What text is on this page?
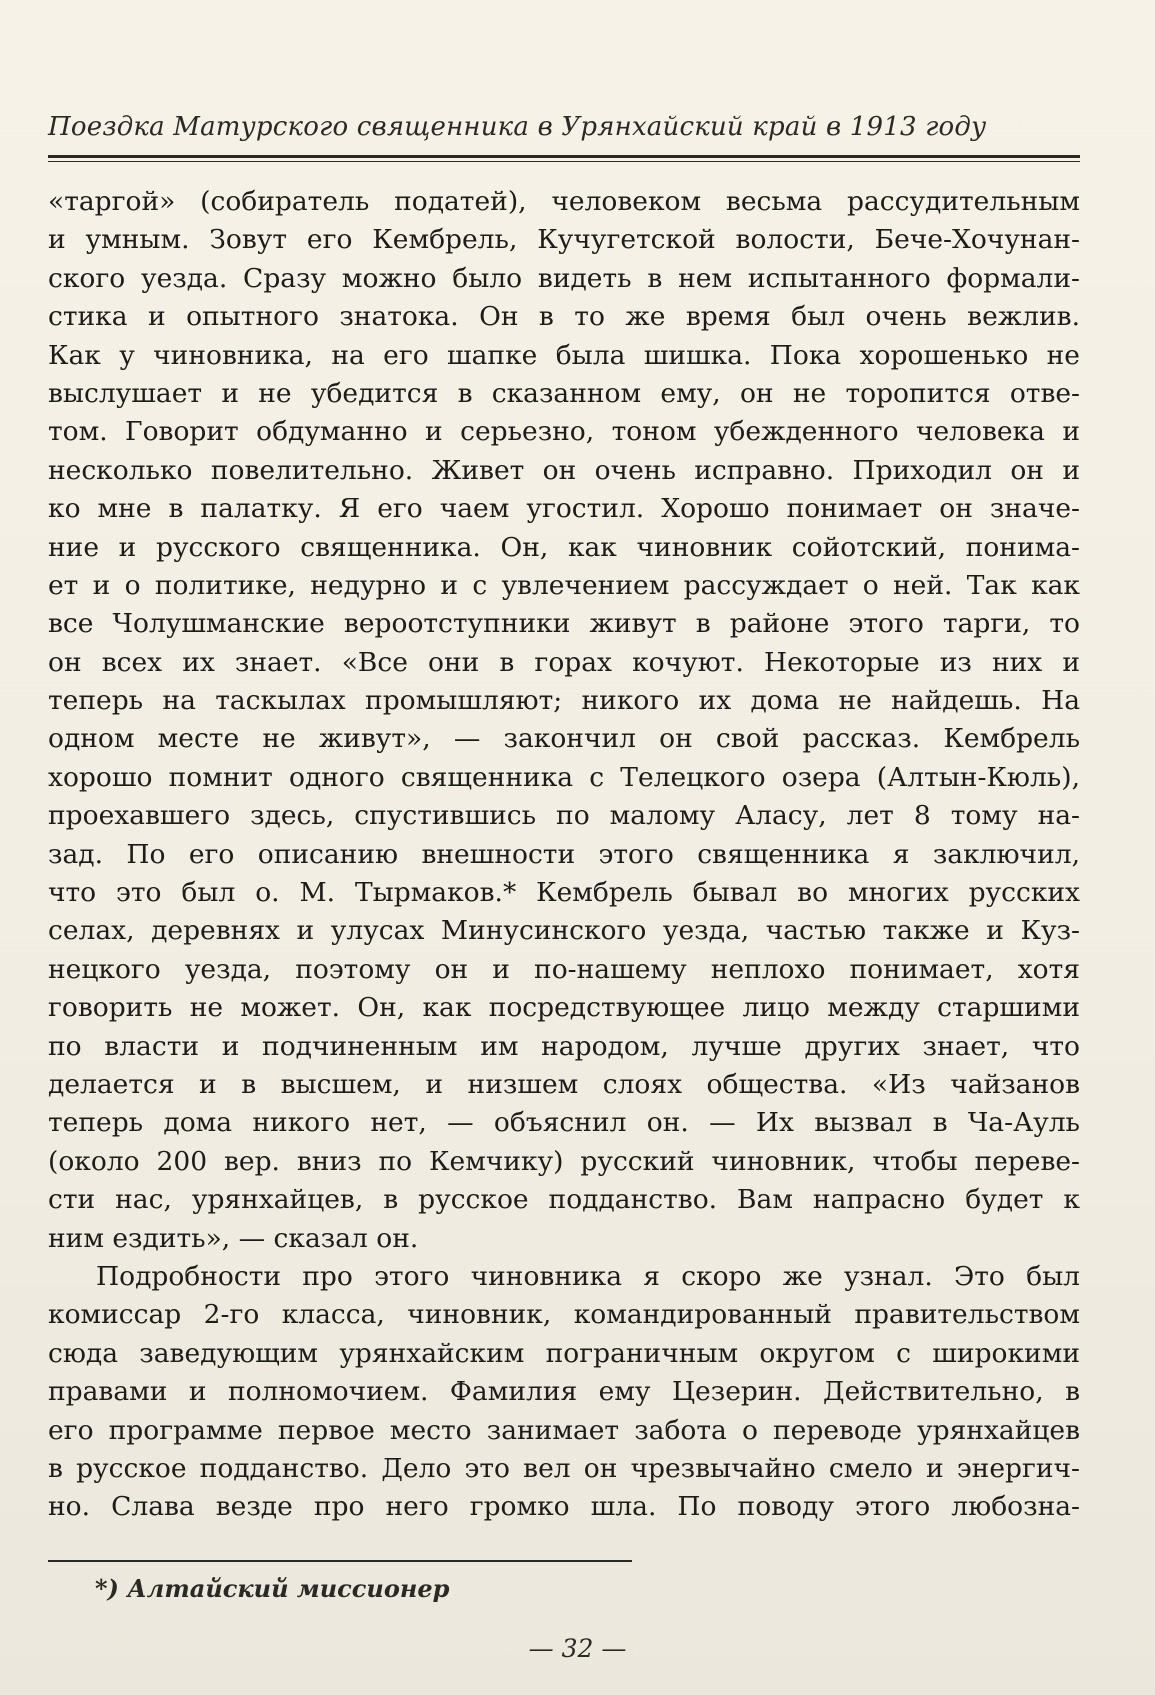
Поездка Матурского священника в Урянхайский край в 1913 году
«таргой» (собиратель податей), человеком весьма рассудительным
и умным. Зовут его Кембрель, Кучугетской волости, Бече-Хочунан-
ского уезда. Сразу можно было видеть в нем испытанного формали-
стика и опытного знатока. Он в то же время был очень вежлив.
Как у чиновника, на его шапке была шишка. Пока хорошенько не
выслушает и не убедится в сказанном ему, он не торопится отве-
том. Говорит обдуманно и серьезно, тоном убежденного человека и
несколько повелительно. Живет он очень исправно. Приходил он и
ко мне в палатку. Я его чаем угостил. Хорошо понимает он значе-
ние и русского священника. Он, как чиновник сойотский, понима-
ет и о политике, недурно и с увлечением рассуждает о ней. Так как
все Чолушманские вероотступники живут в районе этого тарги, то
он всех их знает. «Все они в горах кочуют. Некоторые из них и
теперь на таскылах промышляют; никого их дома не найдешь. На
одном месте не живут», — закончил он свой рассказ. Кембрель
хорошо помнит одного священника с Телецкого озера (Алтын-Кюль),
проехавшего здесь, спустившись по малому Аласу, лет 8 тому на-
зад. По его описанию внешности этого священника я заключил,
что это был о. М. Тырмаков.* Кембрель бывал во многих русских
селах, деревнях и улусах Минусинского уезда, частью также и Куз-
нецкого уезда, поэтому он и по-нашему неплохо понимает, хотя
говорить не может. Он, как посредствующее лицо между старшими
по власти и подчиненным им народом, лучше других знает, что
делается и в высшем, и низшем слоях общества. «Из чайзанов
теперь дома никого нет, — объяснил он. — Их вызвал в Ча-Ауль
(около 200 вер. вниз по Кемчику) русский чиновник, чтобы переве-
сти нас, урянхайцев, в русское подданство. Вам напрасно будет к
ним ездить», — сказал он.
Подробности про этого чиновника я скоро же узнал. Это был
комиссар 2-го класса, чиновник, командированный правительством
сюда заведующим урянхайским пограничным округом с широкими
правами и полномочием. Фамилия ему Цезерин. Действительно, в
его программе первое место занимает забота о переводе урянхайцев
в русское подданство. Дело это вел он чрезвычайно смело и энергич-
но. Слава везде про него громко шла. По поводу этого любозна-
*) Алтайский миссионер
— 32 —
